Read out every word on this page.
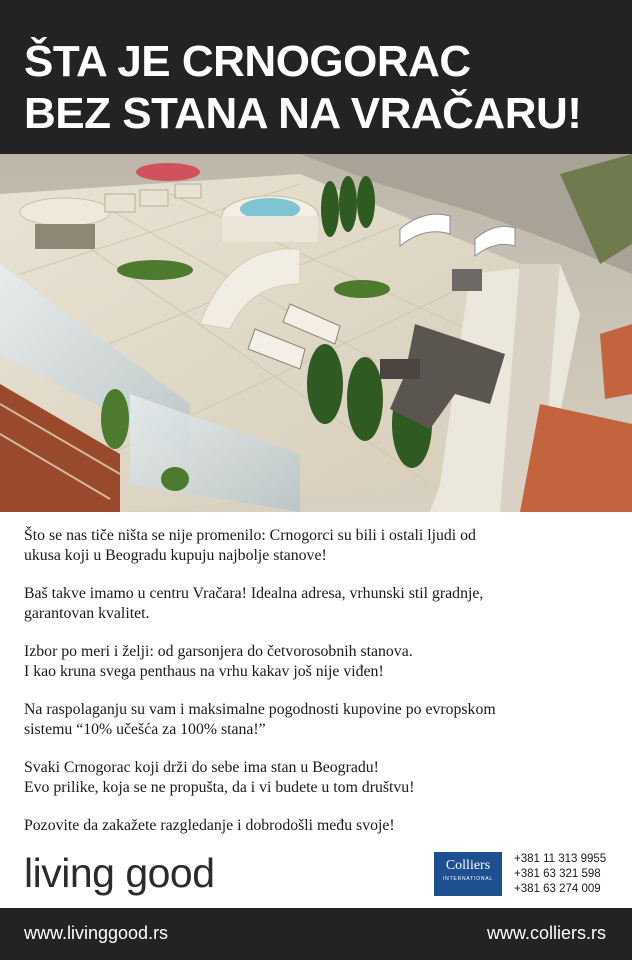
ŠTA JE CRNOGORAC
BEZ STANA NA VRAČARU!

Što se nas tiče ništa se nije promenilo: Crnogorci su bili i ostali ljudi od
ukusa koji u Beogradu kupuju najbolje stanove!

Baš takve imamo u centru Vračara! Idealna adresa, vrhunski stil gradnje,
garantovan kvalitet.

Izbor po meri i želji: od garsonjera do četvorosobnih stanova.
I kao kruna svega penthaus na vrhu kakav još nije viđen!

Na raspolaganju su vam i maksimalne pogodnosti kupovine po evropskom
sistemu “10% učešća za 100% stana!”

Svaki Crnogorac koji drži do sebe ima stan u Beogradu!
Evo prilike, koja se ne propušta, da i vi budete u tom društvu!

Pozovite da zakažete razgledanje i dobrodošli među svoje!

living good	Colliers
INTERNATIONAL
+381 11 313 9955
+381 63 321 598
+381 63 274 009
www.livinggood.rs	www.colliers.rs
